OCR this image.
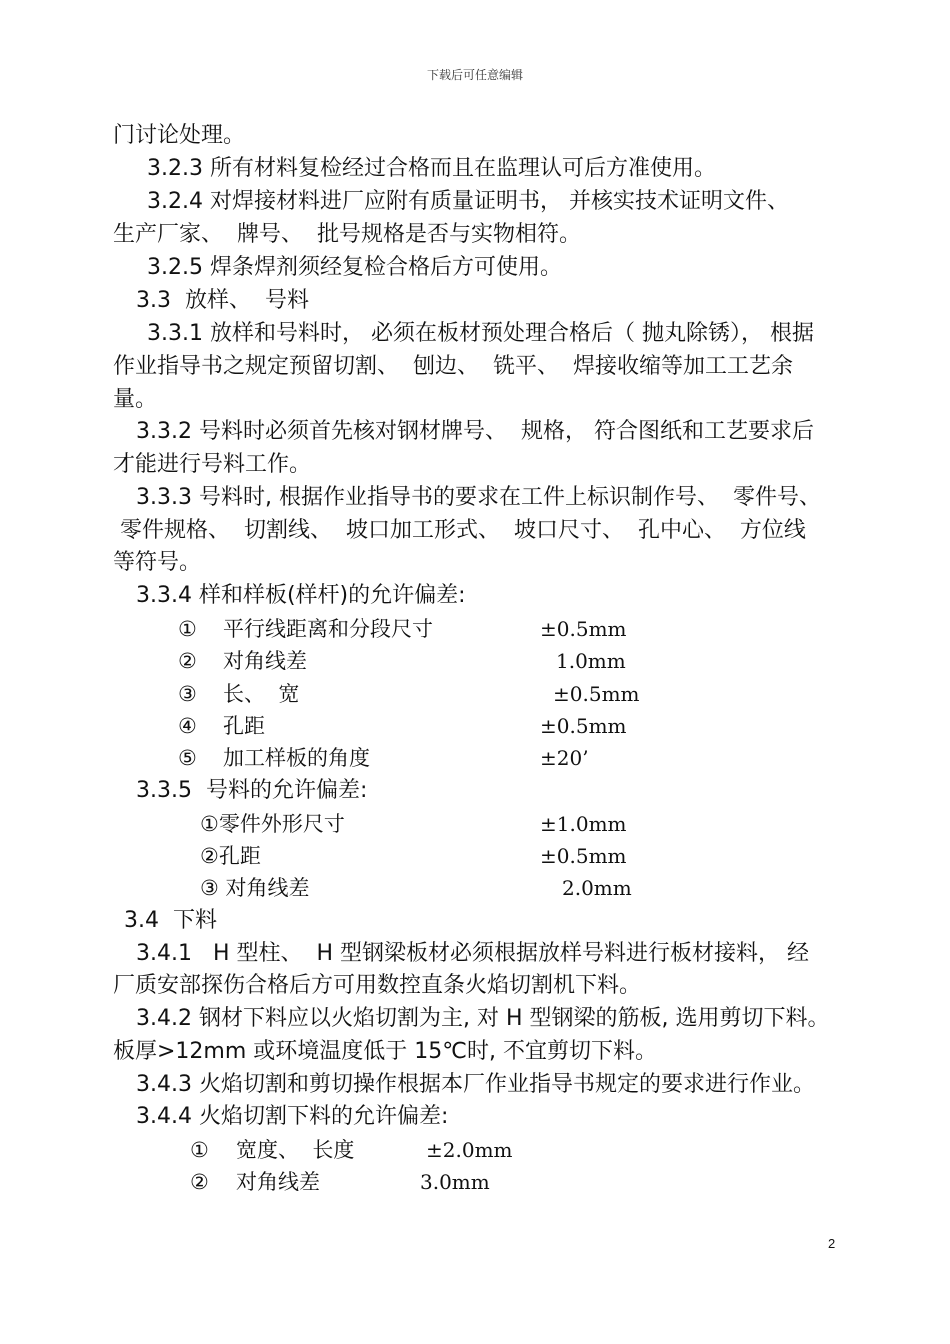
下载后可任意编辑
门讨论处理。
3.2.3 所有材料复检经过合格而且在监理认可后方准使用。
3.2.4 对焊接材料进厂应附有质量证明书， 并核实技术证明文件、
生产厂家、  牌号、  批号规格是否与实物相符。
3.2.5 焊条焊剂须经复检合格后方可使用。
3.3  放样、  号料
3.3.1 放样和号料时， 必须在板材预处理合格后（ 抛丸除锈）， 根据
作业指导书之规定预留切割、  刨边、  铣平、  焊接收缩等加工工艺余
量。
3.3.2 号料时必须首先核对钢材牌号、  规格， 符合图纸和工艺要求后
才能进行号料工作。
3.3.3 号料时, 根据作业指导书的要求在工件上标识制作号、  零件号、
零件规格、  切割线、  坡口加工形式、  坡口尺寸、  孔中心、  方位线
等符号。
3.3.4 样和样板(样杆)的允许偏差:
① 平行线距离和分段尺寸	±0.5mm
② 对角线差	1.0mm
③ 长、  宽	±0.5mm
④ 孔距	±0.5mm
⑤ 加工样板的角度	±20’
3.3.5  号料的允许偏差:
①零件外形尺寸	±1.0mm
②孔距	±0.5mm
③ 对角线差	2.0mm
3.4  下料
3.4.1   H 型柱、  H 型钢梁板材必须根据放样号料进行板材接料， 经
厂质安部探伤合格后方可用数控直条火焰切割机下料。
3.4.2 钢材下料应以火焰切割为主, 对 H 型钢梁的筋板, 选用剪切下料。
板厚>12mm 或环境温度低于 15℃时, 不宜剪切下料。
3.4.3 火焰切割和剪切操作根据本厂作业指导书规定的要求进行作业。
3.4.4 火焰切割下料的允许偏差:
① 宽度、  长度	±2.0mm
② 对角线差	3.0mm
2
